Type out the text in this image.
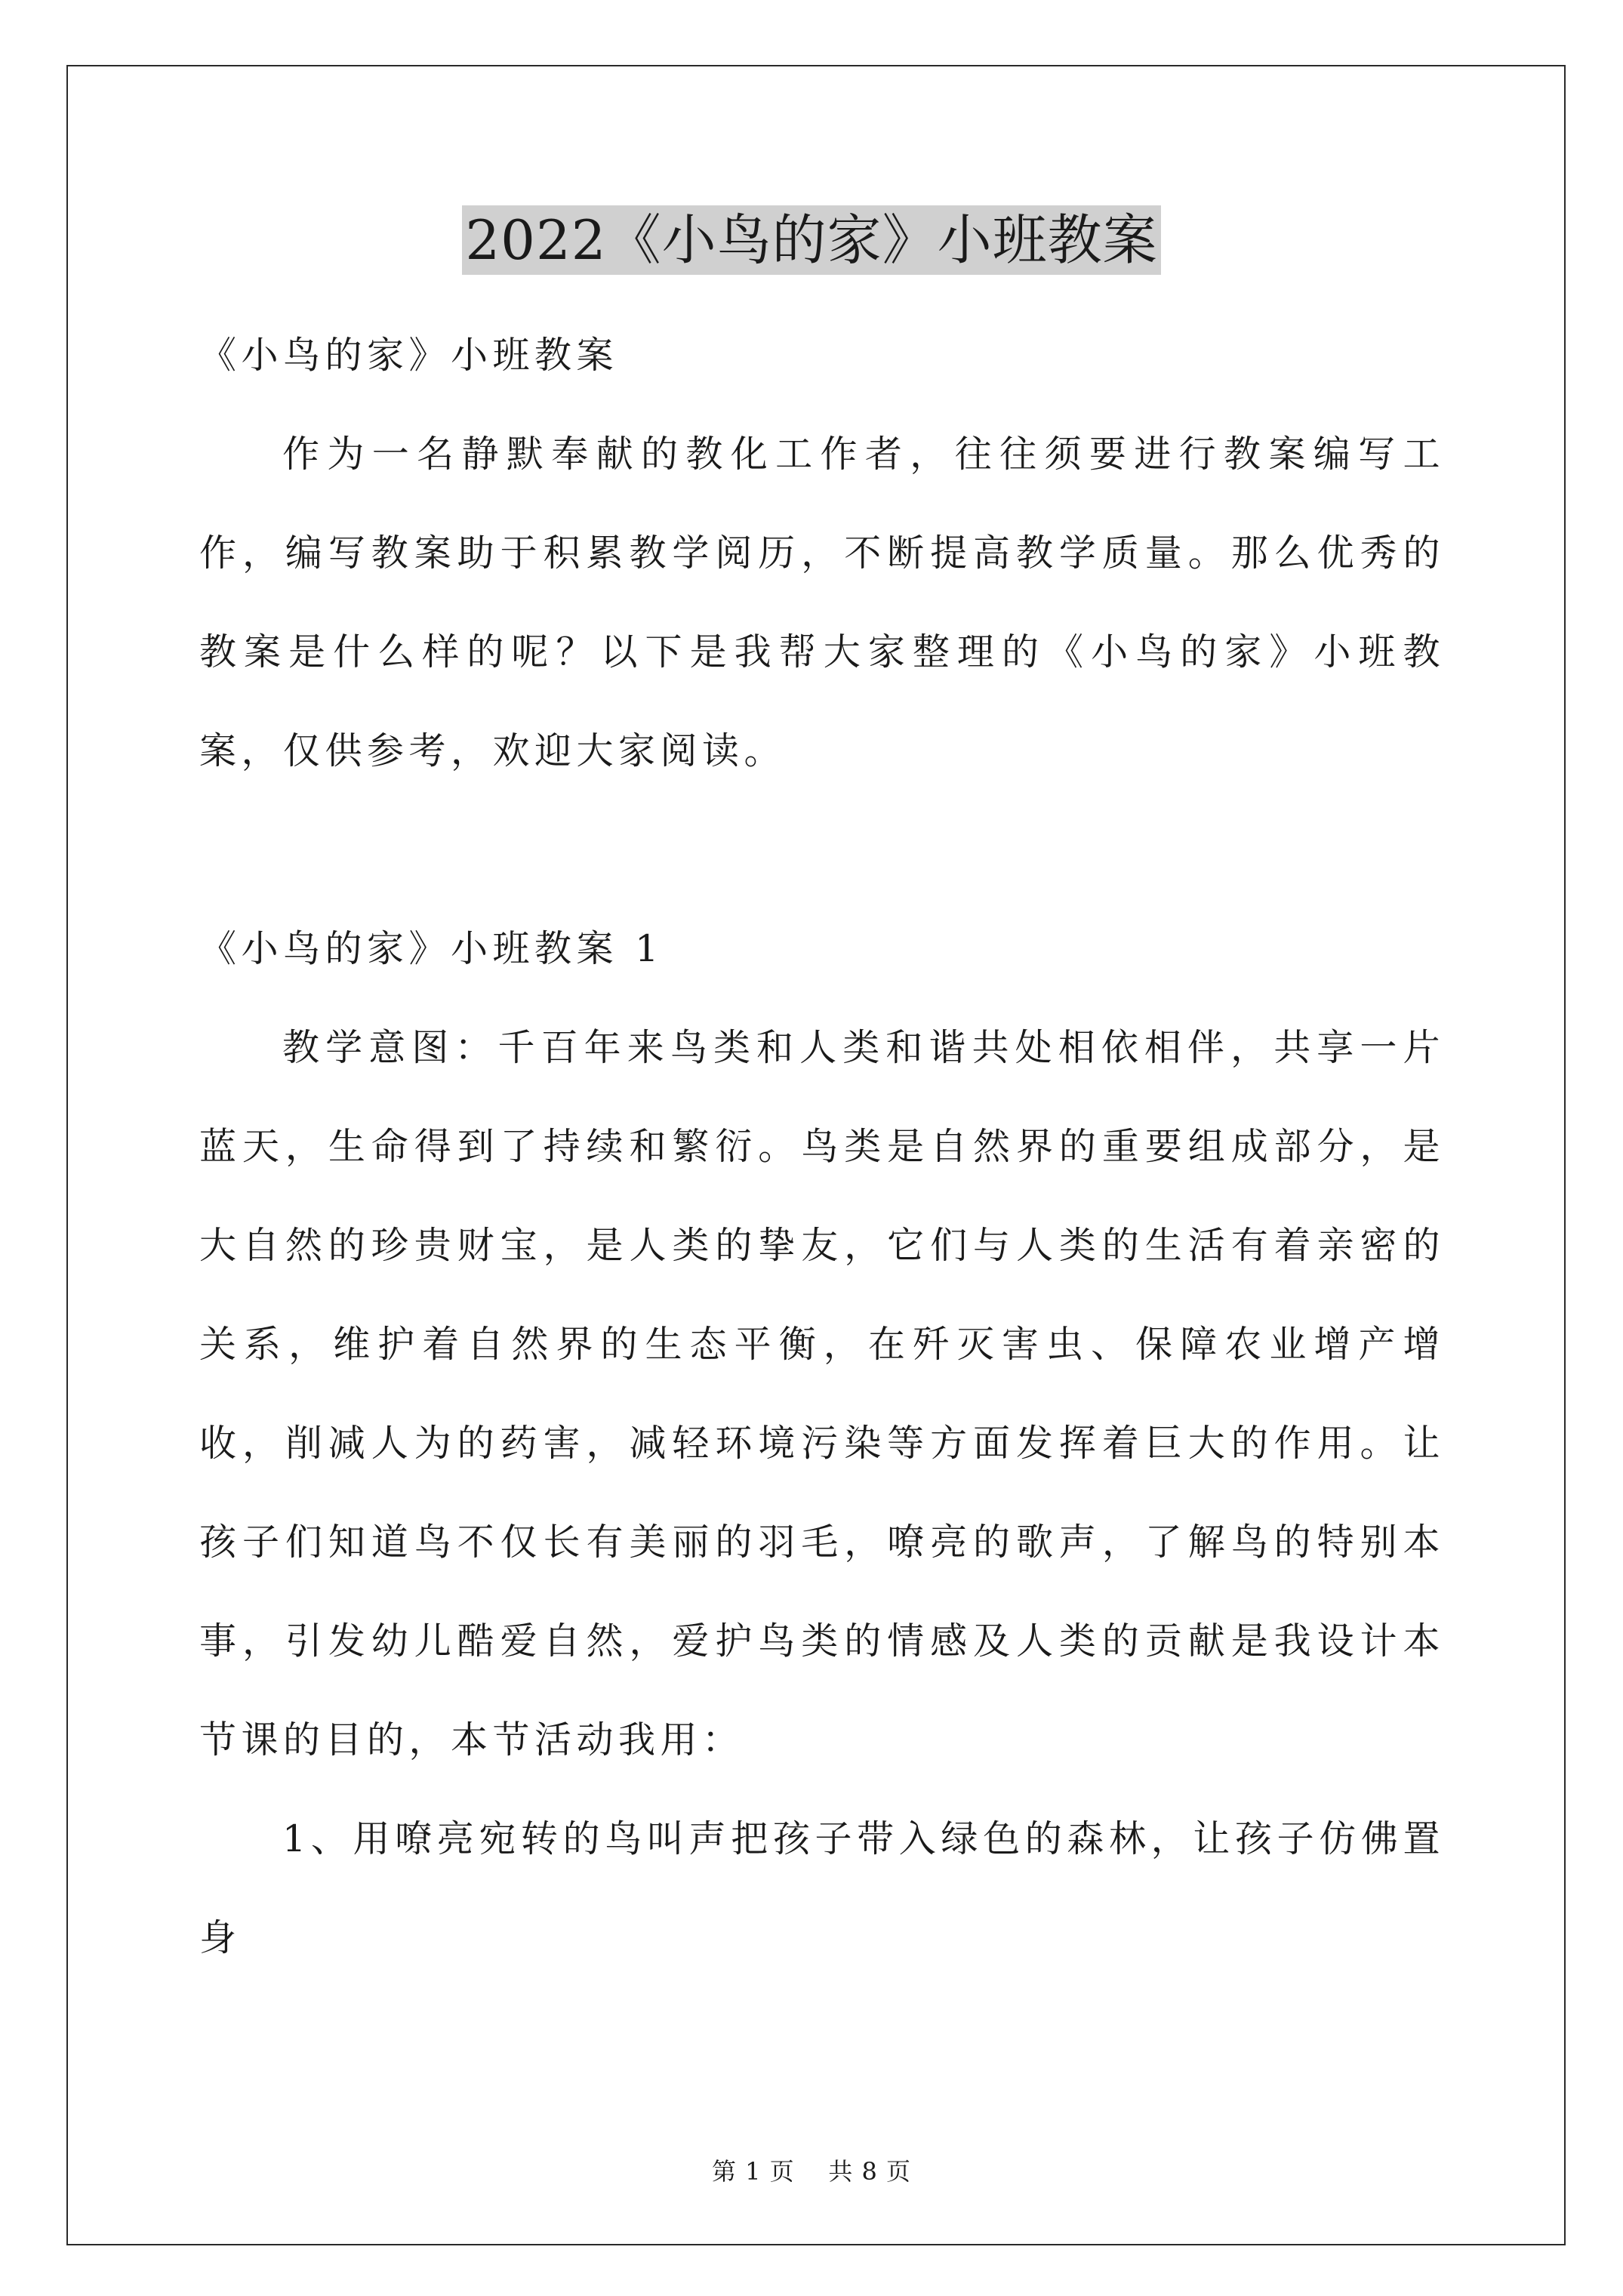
2022《小鸟的家》小班教案

《小鸟的家》小班教案

作为一名静默奉献的教化工作者，往往须要进行教案编写工作，编写教案助于积累教学阅历，不断提高教学质量。那么优秀的教案是什么样的呢？以下是我帮大家整理的《小鸟的家》小班教案，仅供参考，欢迎大家阅读。

《小鸟的家》小班教案 1

教学意图：千百年来鸟类和人类和谐共处相依相伴，共享一片蓝天，生命得到了持续和繁衍。鸟类是自然界的重要组成部分，是大自然的珍贵财宝，是人类的挚友，它们与人类的生活有着亲密的关系，维护着自然界的生态平衡，在歼灭害虫、保障农业增产增收，削减人为的药害，减轻环境污染等方面发挥着巨大的作用。让孩子们知道鸟不仅长有美丽的羽毛，嘹亮的歌声，了解鸟的特别本事，引发幼儿酷爱自然，爱护鸟类的情感及人类的贡献是我设计本节课的目的，本节活动我用：

1、用嘹亮宛转的鸟叫声把孩子带入绿色的森林，让孩子仿佛置身

第 1 页    共 8 页
